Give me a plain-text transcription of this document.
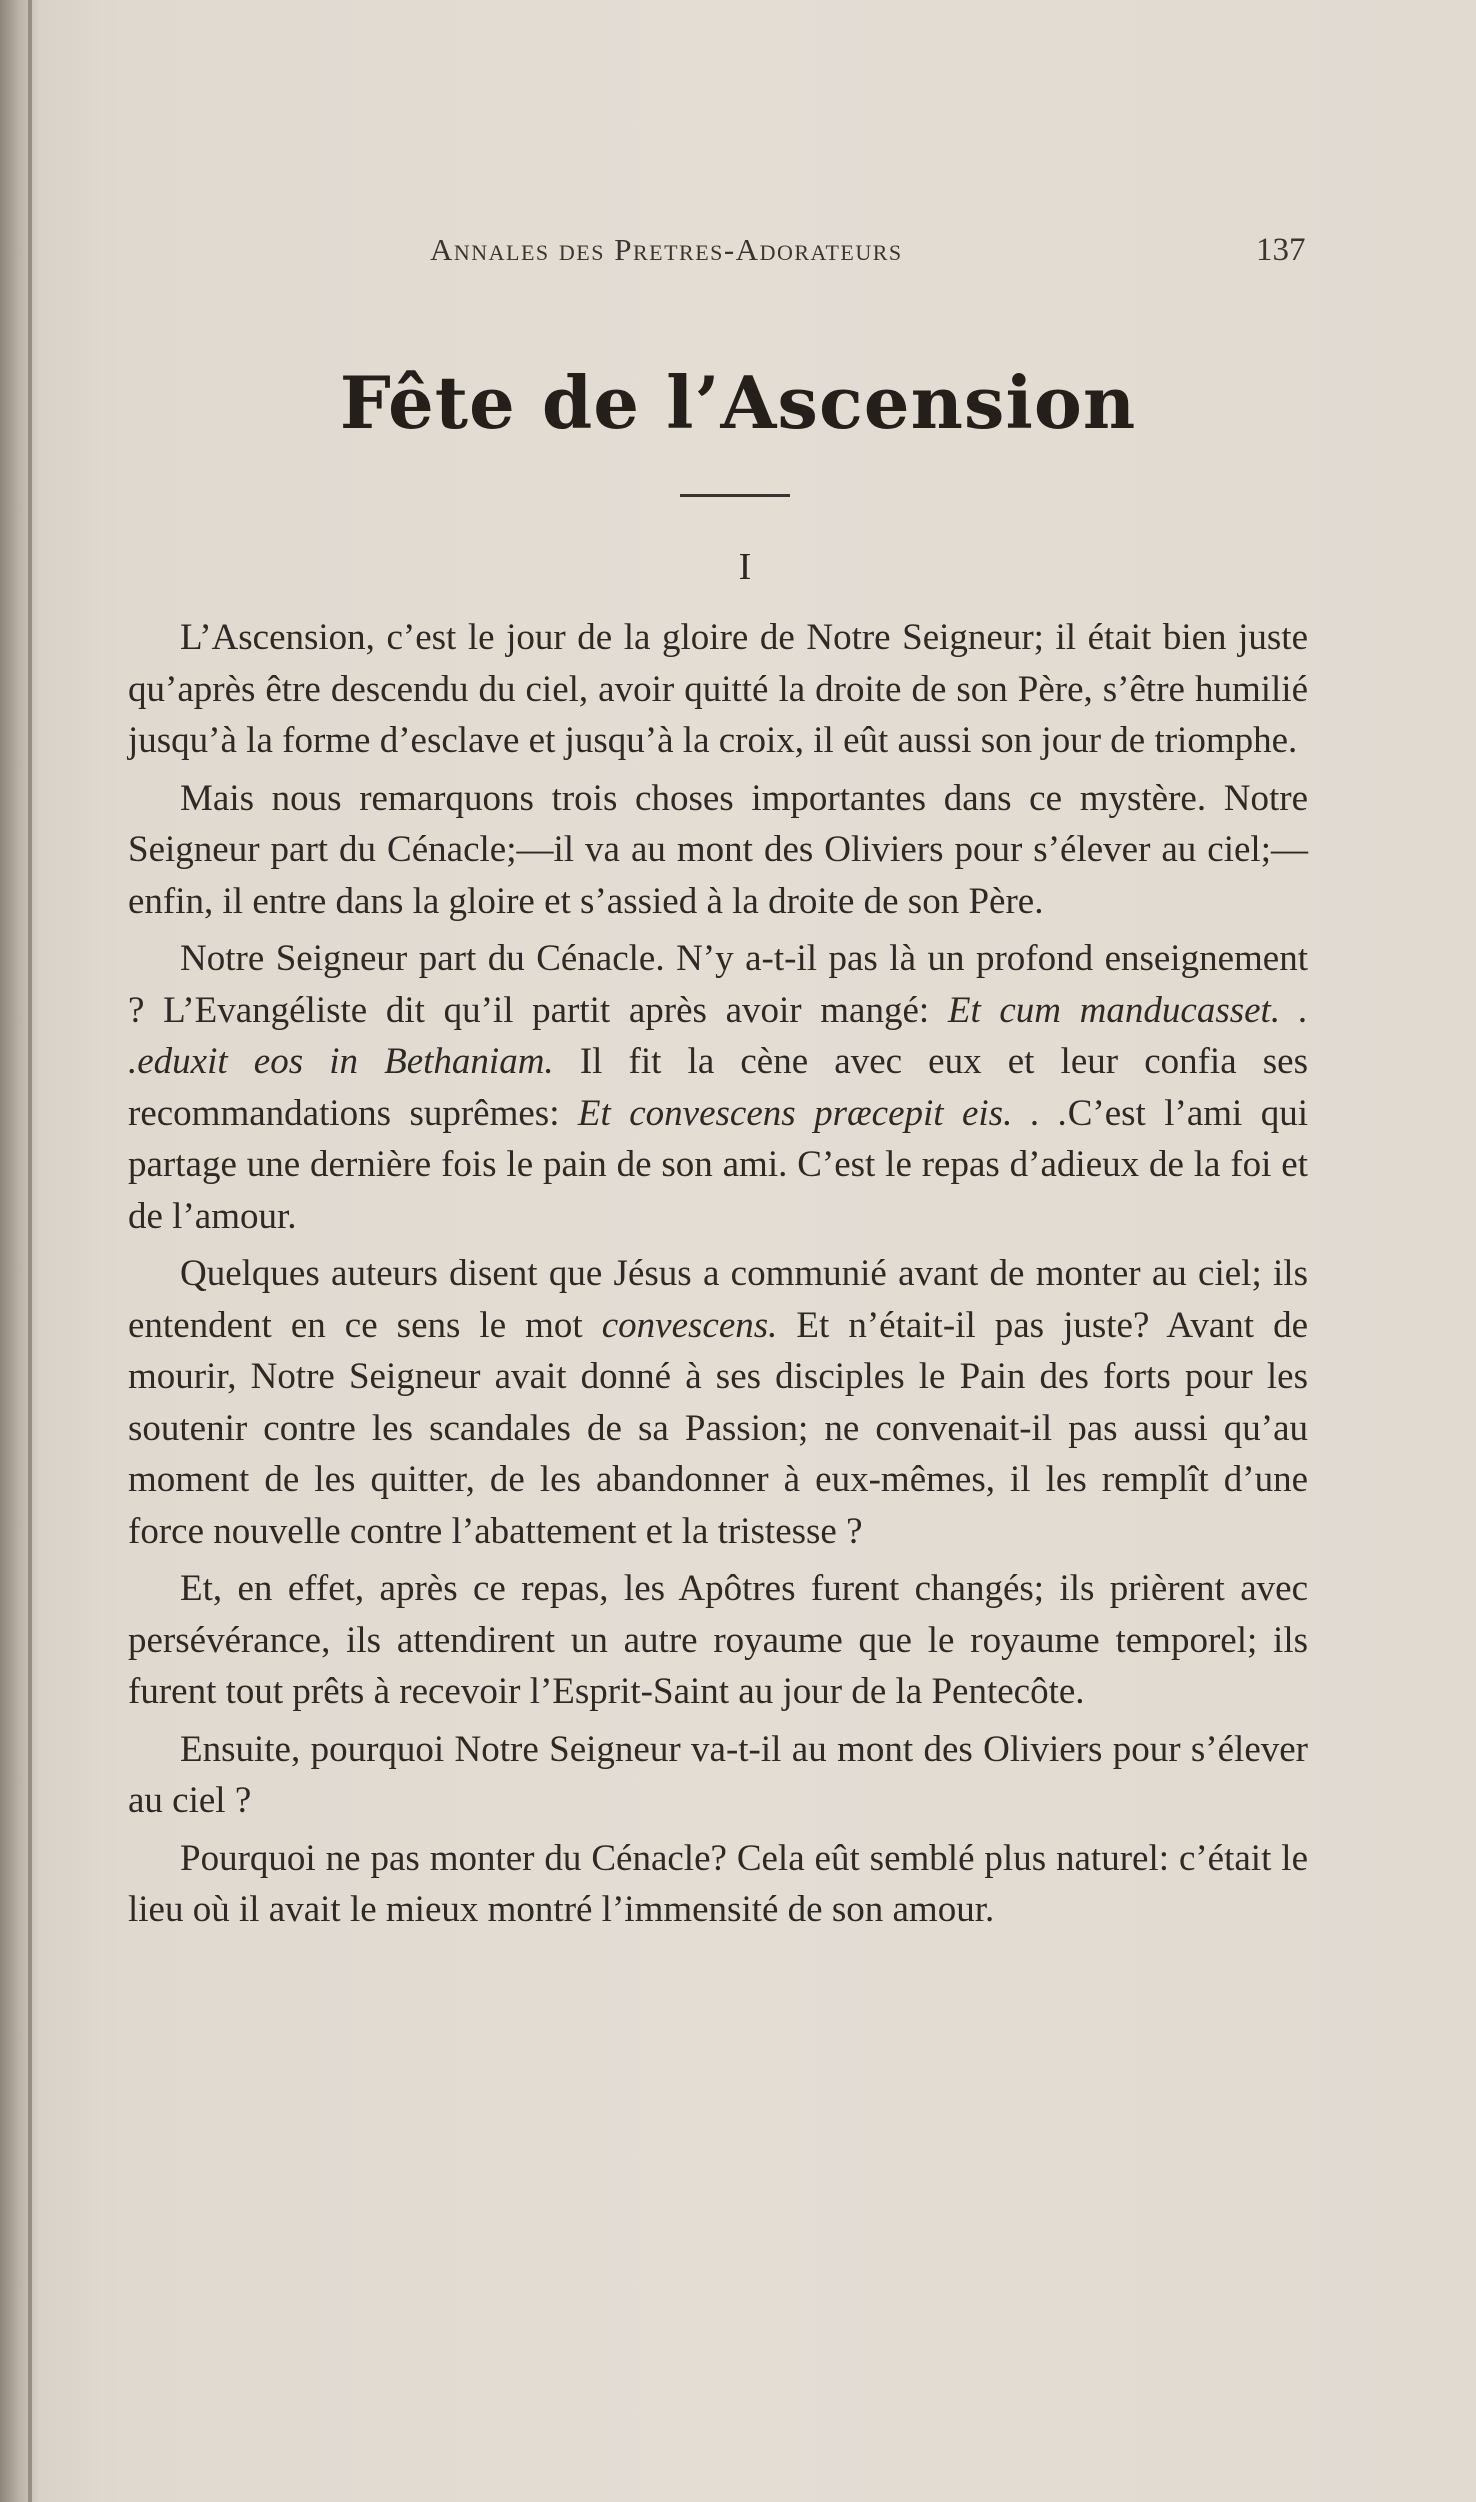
Annales des Pretres-Adorateurs	137
Fête de l’Ascension
I

L’Ascension, c’est le jour de la gloire de Notre Seigneur; il était bien juste qu’après être descendu du ciel, avoir quitté la droite de son Père, s’être humilié jusqu’à la forme d’esclave et jusqu’à la croix, il eût aussi son jour de triomphe.

Mais nous remarquons trois choses importantes dans ce mystère. Notre Seigneur part du Cénacle;—il va au mont des Oliviers pour s’élever au ciel;—enfin, il entre dans la gloire et s’assied à la droite de son Père.

Notre Seigneur part du Cénacle. N’y a-t-il pas là un profond enseignement ? L’Evangéliste dit qu’il partit après avoir mangé: Et cum manducasset. . .eduxit eos in Bethaniam. Il fit la cène avec eux et leur confia ses recommandations suprêmes: Et convescens præcepit eis. . .C’est l’ami qui partage une dernière fois le pain de son ami. C’est le repas d’adieux de la foi et de l’amour.

Quelques auteurs disent que Jésus a communié avant de monter au ciel; ils entendent en ce sens le mot convescens. Et n’était-il pas juste? Avant de mourir, Notre Seigneur avait donné à ses disciples le Pain des forts pour les soutenir contre les scandales de sa Passion; ne convenait-il pas aussi qu’au moment de les quitter, de les abandonner à eux-mêmes, il les remplît d’une force nouvelle contre l’abattement et la tristesse ?

Et, en effet, après ce repas, les Apôtres furent changés; ils prièrent avec persévérance, ils attendirent un autre royaume que le royaume temporel; ils furent tout prêts à recevoir l’Esprit-Saint au jour de la Pentecôte.

Ensuite, pourquoi Notre Seigneur va-t-il au mont des Oliviers pour s’élever au ciel ?

Pourquoi ne pas monter du Cénacle? Cela eût semblé plus naturel: c’était le lieu où il avait le mieux montré l’immensité de son amour.
